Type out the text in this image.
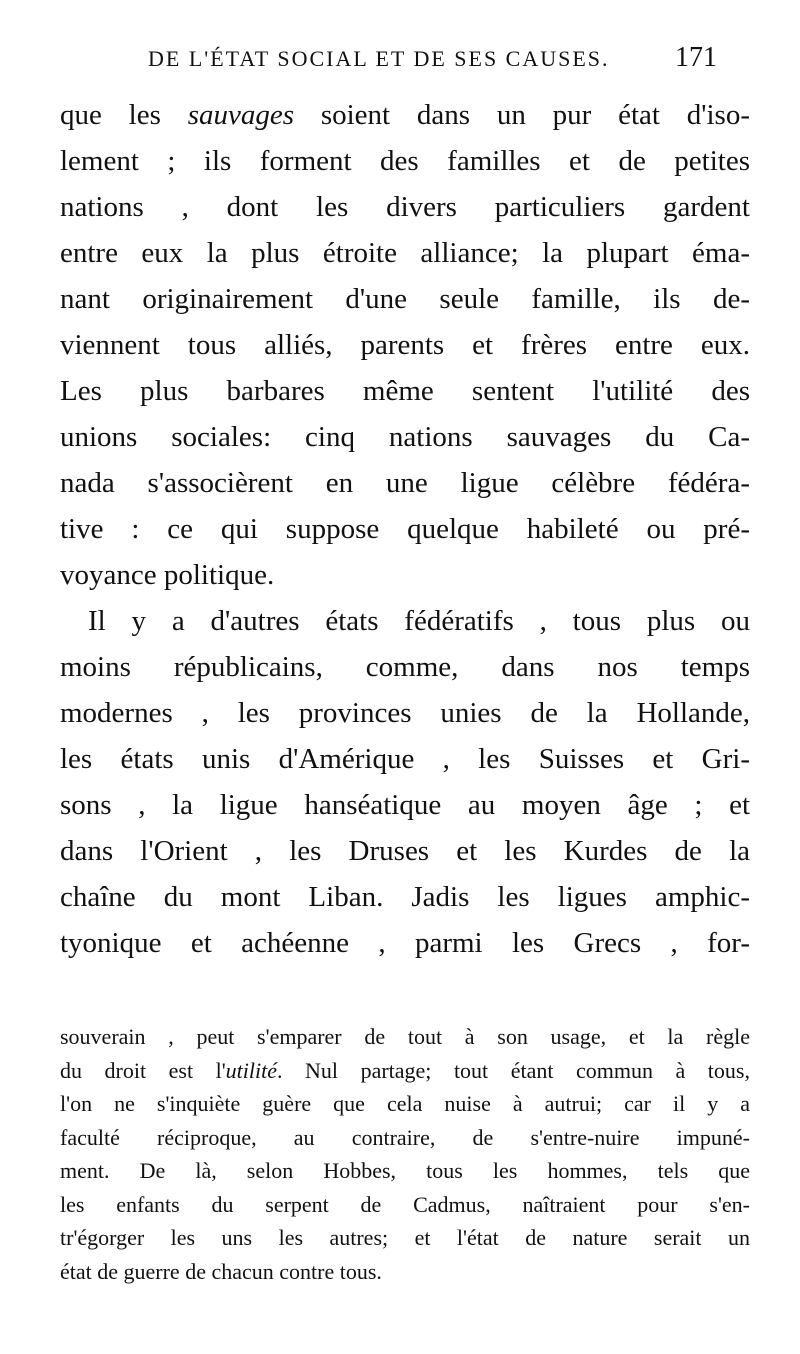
DE L'ÉTAT SOCIAL ET DE SES CAUSES. 171
que les sauvages soient dans un pur état d'iso-
lement ; ils forment des familles et de petites
nations , dont les divers particuliers gardent
entre eux la plus étroite alliance; la plupart éma-
nant originairement d'une seule famille, ils de-
viennent tous alliés, parents et frères entre eux.
Les plus barbares même sentent l'utilité des
unions sociales: cinq nations sauvages du Ca-
nada s'associèrent en une ligue célèbre fédéra-
tive : ce qui suppose quelque habileté ou pré-
voyance politique.
Il y a d'autres états fédératifs , tous plus ou
moins républicains, comme, dans nos temps
modernes , les provinces unies de la Hollande,
les états unis d'Amérique , les Suisses et Gri-
sons , la ligue hanséatique au moyen âge ; et
dans l'Orient , les Druses et les Kurdes de la
chaîne du mont Liban. Jadis les ligues amphic-
tyonique et achéenne , parmi les Grecs , for-
souverain , peut s'emparer de tout à son usage, et la règle
du droit est l'utilité. Nul partage; tout étant commun à tous,
l'on ne s'inquiète guère que cela nuise à autrui; car il y a
faculté réciproque, au contraire, de s'entre-nuire impuné-
ment. De là, selon Hobbes, tous les hommes, tels que
les enfants du serpent de Cadmus, naîtraient pour s'en-
tr'égorger les uns les autres; et l'état de nature serait un
état de guerre de chacun contre tous.
